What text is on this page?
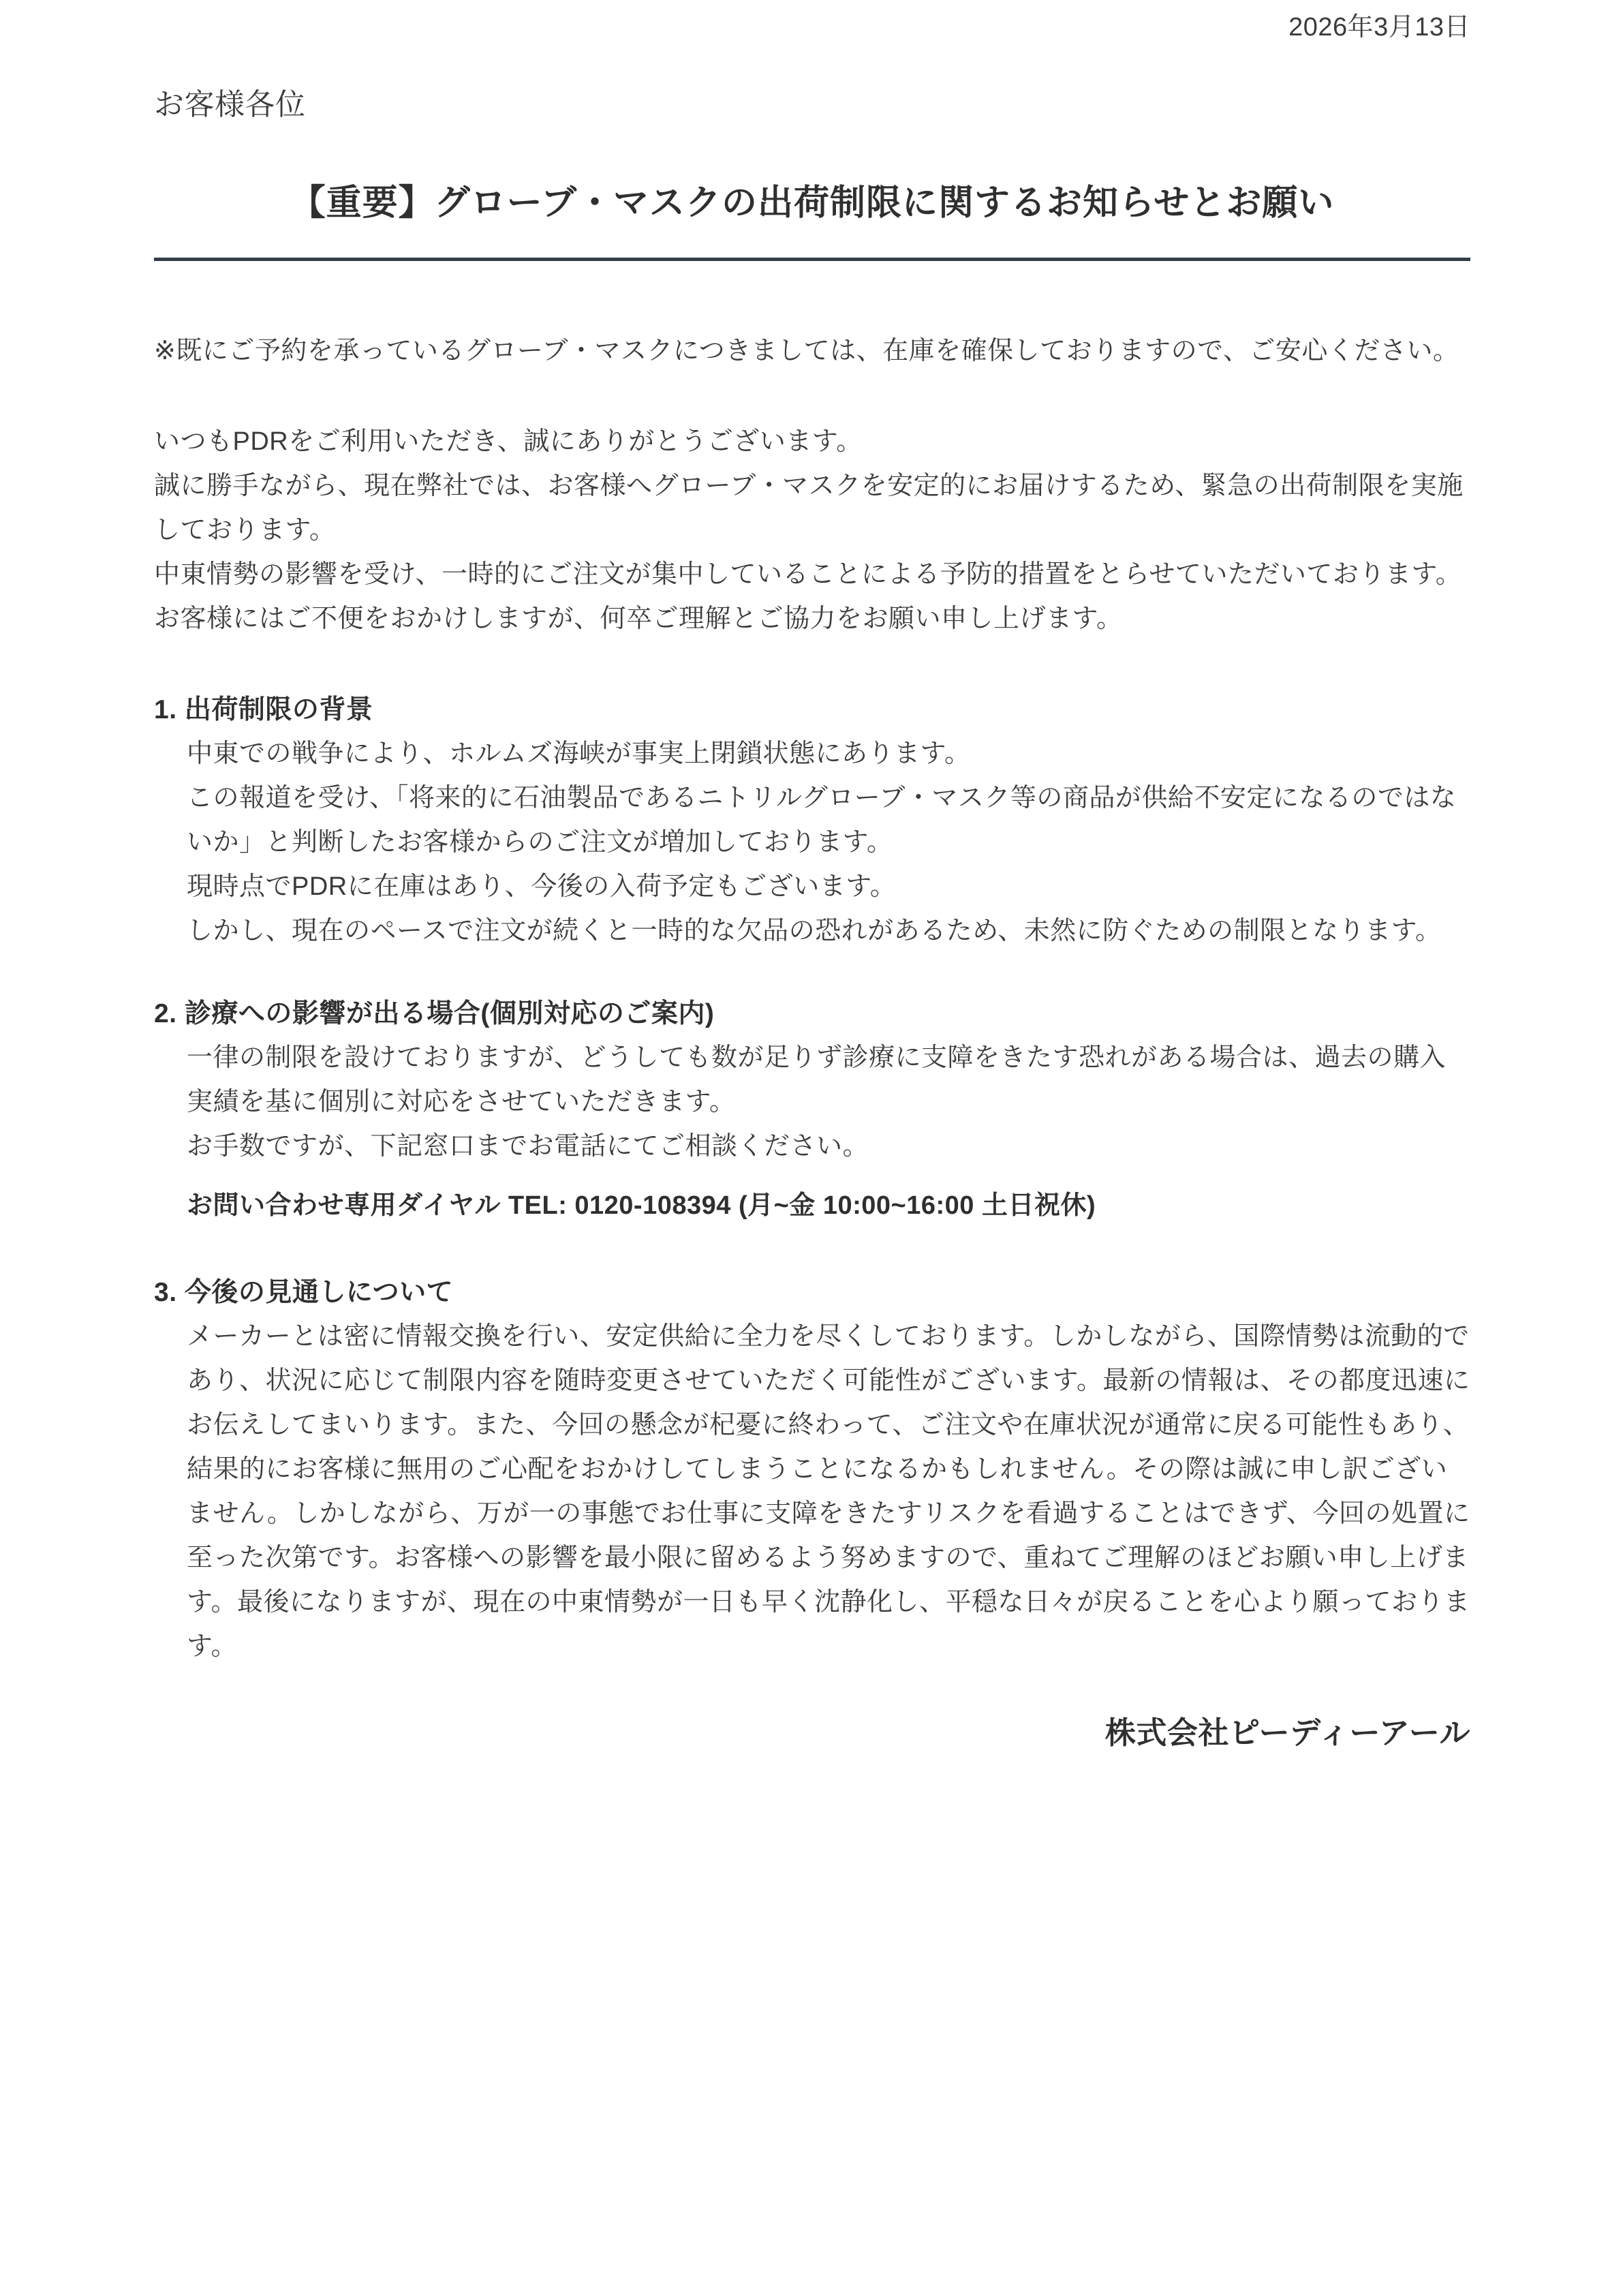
2026年3月13日
お客様各位
【重要】グローブ・マスクの出荷制限に関するお知らせとお願い

※既にご予約を承っているグローブ・マスクにつきましては、在庫を確保しておりますので、ご安心ください。

いつもPDRをご利用いただき、誠にありがとうございます。

誠に勝手ながら、現在弊社では、お客様へグローブ・マスクを安定的にお届けするため、緊急の出荷制限を実施しております。

中東情勢の影響を受け、一時的にご注文が集中していることによる予防的措置をとらせていただいております。

お客様にはご不便をおかけしますが、何卒ご理解とご協力をお願い申し上げます。

1. 出荷制限の背景

中東での戦争により、ホルムズ海峡が事実上閉鎖状態にあります。

この報道を受け、「将来的に石油製品であるニトリルグローブ・マスク等の商品が供給不安定になるのではないか」と判断したお客様からのご注文が増加しております。

現時点でPDRに在庫はあり、今後の入荷予定もございます。

しかし、現在のペースで注文が続くと一時的な欠品の恐れがあるため、未然に防ぐための制限となります。

2. 診療への影響が出る場合(個別対応のご案内)

一律の制限を設けておりますが、どうしても数が足りず診療に支障をきたす恐れがある場合は、過去の購入実績を基に個別に対応をさせていただきます。

お手数ですが、下記窓口までお電話にてご相談ください。

お問い合わせ専用ダイヤル TEL: 0120-108394 (月~金 10:00~16:00 土日祝休)

3. 今後の見通しについて

メーカーとは密に情報交換を行い、安定供給に全力を尽くしております。しかしながら、国際情勢は流動的であり、状況に応じて制限内容を随時変更させていただく可能性がございます。最新の情報は、その都度迅速にお伝えしてまいります。また、今回の懸念が杞憂に終わって、ご注文や在庫状況が通常に戻る可能性もあり、結果的にお客様に無用のご心配をおかけしてしまうことになるかもしれません。その際は誠に申し訳ございません。しかしながら、万が一の事態でお仕事に支障をきたすリスクを看過することはできず、今回の処置に至った次第です。お客様への影響を最小限に留めるよう努めますので、重ねてご理解のほどお願い申し上げます。最後になりますが、現在の中東情勢が一日も早く沈静化し、平穏な日々が戻ることを心より願っております。

株式会社ピーディーアール
